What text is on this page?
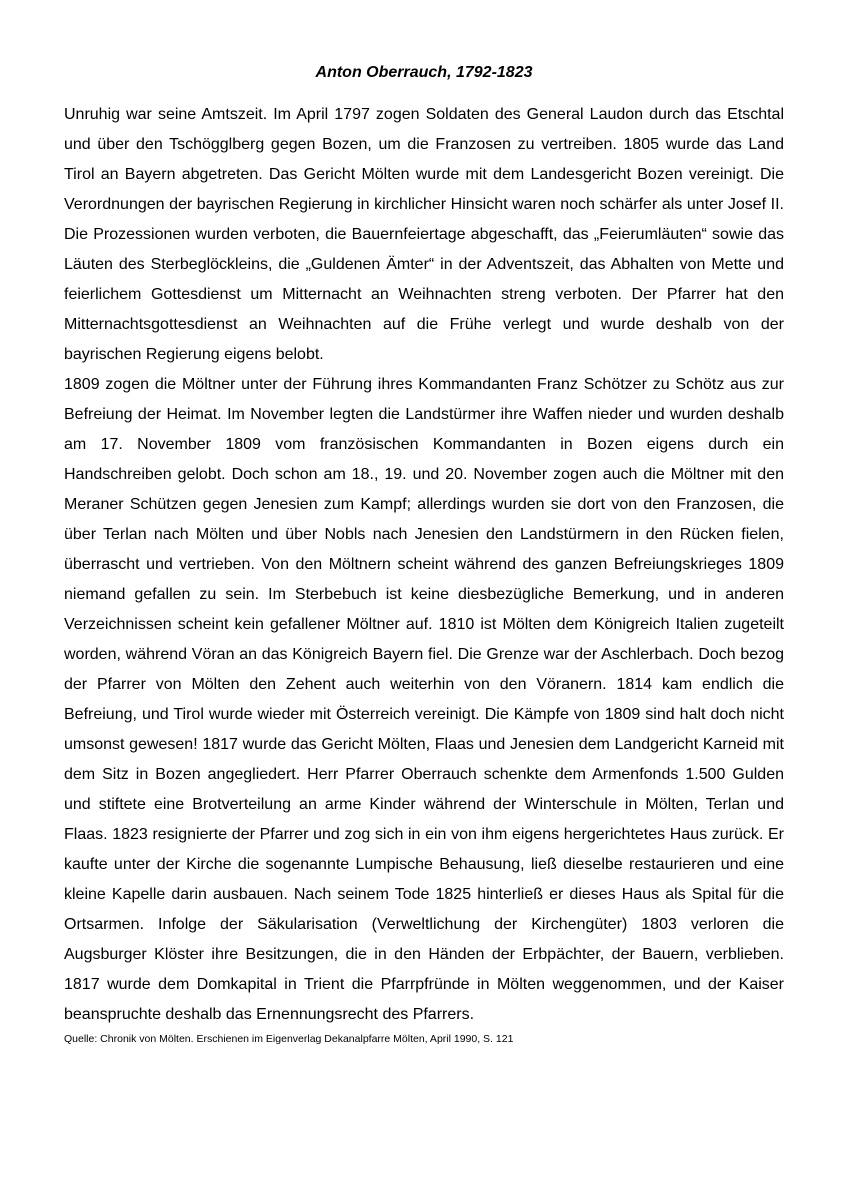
Anton Oberrauch, 1792-1823

Unruhig war seine Amtszeit. Im April 1797 zogen Soldaten des General Laudon durch das Etschtal und über den Tschögglberg gegen Bozen, um die Franzosen zu vertreiben. 1805 wurde das Land Tirol an Bayern abgetreten. Das Gericht Mölten wurde mit dem Landesgericht Bozen vereinigt. Die Verordnungen der bayrischen Regierung in kirchlicher Hinsicht waren noch schärfer als unter Josef II. Die Prozessionen wurden verboten, die Bauernfeiertage abgeschafft, das „Feierumläuten“ sowie das Läuten des Sterbeglöckleins, die „Guldenen Ämter“ in der Adventszeit, das Abhalten von Mette und feierlichem Gottesdienst um Mitternacht an Weihnachten streng verboten. Der Pfarrer hat den Mitternachtsgottesdienst an Weihnachten auf die Frühe verlegt und wurde deshalb von der bayrischen Regierung eigens belobt.

1809 zogen die Möltner unter der Führung ihres Kommandanten Franz Schötzer zu Schötz aus zur Befreiung der Heimat. Im November legten die Landstürmer ihre Waffen nieder und wurden deshalb am 17. November 1809 vom französischen Kommandanten in Bozen eigens durch ein Handschreiben gelobt. Doch schon am 18., 19. und 20. November zogen auch die Möltner mit den Meraner Schützen gegen Jenesien zum Kampf; allerdings wurden sie dort von den Franzosen, die über Terlan nach Mölten und über Nobls nach Jenesien den Landstürmern in den Rücken fielen, überrascht und vertrieben. Von den Möltnern scheint während des ganzen Befreiungskrieges 1809 niemand gefallen zu sein. Im Sterbebuch ist keine diesbezügliche Bemerkung, und in anderen Verzeichnissen scheint kein gefallener Möltner auf. 1810 ist Mölten dem Königreich Italien zugeteilt worden, während Vöran an das Königreich Bayern fiel. Die Grenze war der Aschlerbach. Doch bezog der Pfarrer von Mölten den Zehent auch weiterhin von den Vöranern. 1814 kam endlich die Befreiung, und Tirol wurde wieder mit Österreich vereinigt. Die Kämpfe von 1809 sind halt doch nicht umsonst gewesen! 1817 wurde das Gericht Mölten, Flaas und Jenesien dem Landgericht Karneid mit dem Sitz in Bozen angegliedert. Herr Pfarrer Oberrauch schenkte dem Armenfonds 1.500 Gulden und stiftete eine Brotverteilung an arme Kinder während der Winterschule in Mölten, Terlan und Flaas. 1823 resignierte der Pfarrer und zog sich in ein von ihm eigens hergerichtetes Haus zurück. Er kaufte unter der Kirche die sogenannte Lumpische Behausung, ließ dieselbe restaurieren und eine kleine Kapelle darin ausbauen. Nach seinem Tode 1825 hinterließ er dieses Haus als Spital für die Ortsarmen. Infolge der Säkularisation (Verweltlichung der Kirchengüter) 1803 verloren die Augsburger Klöster ihre Besitzungen, die in den Händen der Erbpächter, der Bauern, verblieben. 1817 wurde dem Domkapital in Trient die Pfarrpfründe in Mölten weggenommen, und der Kaiser beanspruchte deshalb das Ernennungsrecht des Pfarrers.

Quelle: Chronik von Mölten. Erschienen im Eigenverlag Dekanalpfarre Mölten, April 1990, S. 121
